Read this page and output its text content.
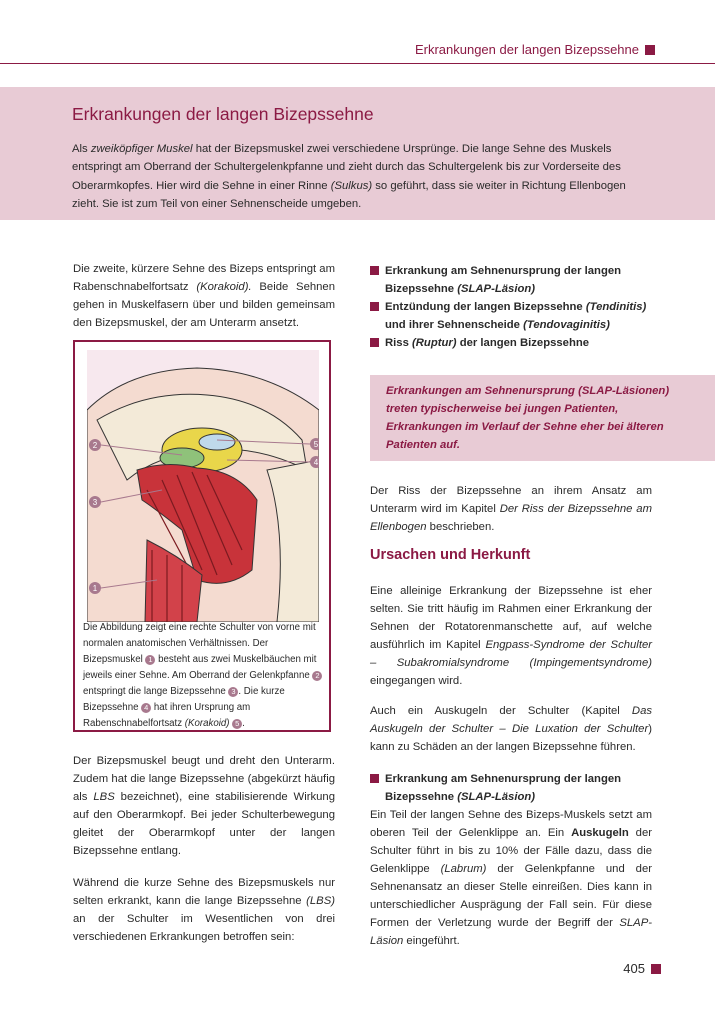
Erkrankungen der langen Bizepssehne
Erkrankungen der langen Bizepssehne
Als zweiköpfiger Muskel hat der Bizepsmuskel zwei verschiedene Ursprünge. Die lange Sehne des Muskels entspringt am Oberrand der Schultergelenkpfanne und zieht durch das Schultergelenk bis zur Vorderseite des Oberarmkopfes. Hier wird die Sehne in einer Rinne (Sulkus) so geführt, dass sie weiter in Richtung Ellenbogen zieht. Sie ist zum Teil von einer Sehnenscheide umgeben.
Die zweite, kürzere Sehne des Bizeps entspringt am Rabenschnabelfortsatz (Korakoid). Beide Sehnen gehen in Muskelfasern über und bilden gemeinsam den Bizepsmuskel, der am Unterarm ansetzt.
1
2
3
4
5
Die Abbildung zeigt eine rechte Schulter von vorne mit normalen anatomischen Verhältnissen. Der Bizepsmuskel 1 besteht aus zwei Muskelbäuchen mit jeweils einer Sehne. Am Oberrand der Gelenkpfanne 2 entspringt die lange Bizepssehne 3 . Die kurze Bizepssehne 4 hat ihren Ursprung am Rabenschnabelfortsatz (Korakoid) 5 .
Der Bizepsmuskel beugt und dreht den Unterarm. Zudem hat die lange Bizepssehne (abgekürzt häufig als LBS bezeichnet), eine stabilisierende Wirkung auf den Oberarmkopf. Bei jeder Schulterbewegung gleitet der Oberarmkopf unter der langen Bizepssehne entlang.
Während die kurze Sehne des Bizepsmuskels nur selten erkrankt, kann die lange Bizepssehne (LBS) an der Schulter im Wesentlichen von drei verschiedenen Erkrankungen betroffen sein:
Erkrankung am Sehnenursprung der langen Bizepssehne (SLAP-Läsion)
Entzündung der langen Bizepssehne (Tendinitis) und ihrer Sehnenscheide (Tendovaginitis)
Riss (Ruptur) der langen Bizepssehne
Erkrankungen am Sehnenursprung (SLAP-Läsionen) treten typischerweise bei jungen Patienten, Erkrankungen im Verlauf der Sehne eher bei älteren Patienten auf.
Der Riss der Bizepssehne an ihrem Ansatz am Unterarm wird im Kapitel Der Riss der Bizepssehne am Ellenbogen beschrieben.
Ursachen und Herkunft
Eine alleinige Erkrankung der Bizepssehne ist eher selten. Sie tritt häufig im Rahmen einer Erkrankung der Sehnen der Rotatorenmanschette auf, auf welche ausführlich im Kapitel Engpass-Syndrome der Schulter – Subakromialsyndrome (Impingementsyndrome) eingegangen wird.
Auch ein Auskugeln der Schulter (Kapitel Das Auskugeln der Schulter – Die Luxation der Schulter) kann zu Schäden an der langen Bizepssehne führen.
Erkrankung am Sehnenursprung der langen Bizepssehne (SLAP-Läsion)
Ein Teil der langen Sehne des Bizeps-Muskels setzt am oberen Teil der Gelenklippe an. Ein Auskugeln der Schulter führt in bis zu 10% der Fälle dazu, dass die Gelenklippe (Labrum) der Gelenkpfanne und der Sehnenansatz an dieser Stelle einreißen. Dies kann in unterschiedlicher Ausprägung der Fall sein. Für diese Formen der Verletzung wurde der Begriff der SLAP-Läsion eingeführt.
405
